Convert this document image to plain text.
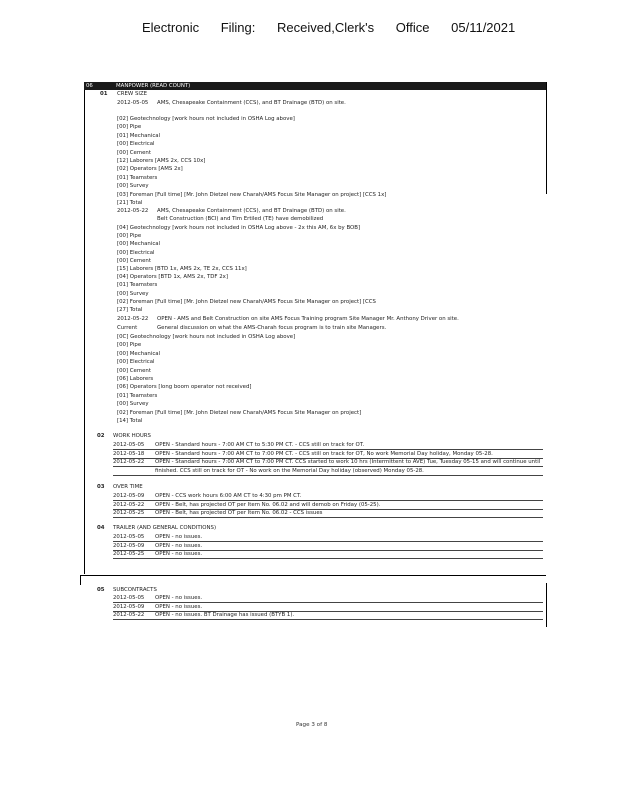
Electronic Filing: Received,Clerk's Office 05/11/2021
06	MANPOWER (READ COUNT)
01 CREW SIZE
2012-05-05 AMS, Chesapeake Containment (CCS), and BT Drainage (BTD) on site.
[02] Geotechnology [work hours not included in OSHA Log above]
[00] Pipe
[01] Mechanical
[00] Electrical
[00] Cement
[12] Laborers [AMS 2x, CCS 10x]
[02] Operators [AMS 2x]
[01] Teamsters
[00] Survey
[03] Foreman [Full time] [Mr. John Dietzel new Charah/AMS Focus Site Manager on project] [CCS 1x]
[21] Total
2012-05-22 AMS, Chesapeake Containment (CCS), and BT Drainage (BTD) on site.
Belt Construction (BCI) and Tim Ertiled (TE) have demobilized
[04] Geotechnology [work hours not included in OSHA Log above - 2x this AM, 6x by BOB]
[00] Pipe
[00] Mechanical
[00] Electrical
[00] Cement
[15] Laborers [BTD 1x, AMS 2x, TE 2x, CCS 11x]
[04] Operators [BTD 1x, AMS 2x, TDF 2x]
[01] Teamsters
[00] Survey
[02] Foreman [Full time] [Mr. John Dietzel new Charah/AMS Focus Site Manager on project] [CCS
[27] Total
2012-05-22 OPEN - AMS and Belt Construction on site AMS Focus Training program Site Manager Mr. Anthony Driver on site.
Current	General discussion on what the AMS-Charah focus program is to train site Managers.
[0C] Geotechnology [work hours not included in OSHA Log above]
[00] Pipe
[00] Mechanical
[00] Electrical
[00] Cement
[06] Laborers
[06] Operators [long boom operator not received]
[01] Teamsters
[00] Survey
[02] Foreman [Full time] [Mr. John Dietzel new Charah/AMS Focus Site Manager on project]
[14] Total
02 WORK HOURS
2012-05-05 OPEN - Standard hours - 7:00 AM CT to 5:30 PM CT. - CCS still on track for OT.
2012-05-18 OPEN - Standard hours - 7:00 AM CT to 7:00 PM CT. - CCS still on track for OT, No work Memorial Day holiday, Monday 05-28.
2012-05-22 OPEN - Standard hours - 7:00 AM CT to 7:00 PM CT. CCS started to work 10 hrs (Intermittent to AVE) Tue, Tuesday 05-15 and will continue until
finished. CCS still on track for OT - No work on the Memorial Day holiday (observed) Monday 05-28.
03 OVER TIME
2012-05-09 OPEN - CCS work hours 6:00 AM CT to 4:30 pm PM CT.
2012-05-22 OPEN - Belt, has projected OT per Item No. 06.02 and will demob on Friday (05-25).
2012-05-25 OPEN - Belt, has projected OT per Item No. 06.02 - CCS issues
04 TRAILER (AND GENERAL CONDITIONS)
2012-05-05 OPEN - no issues.
2012-05-09 OPEN - no issues.
2012-05-25 OPEN - no issues.
05 SUBCONTRACTS
2012-05-05 OPEN - no issues.
2012-05-09 OPEN - no issues.
2012-05-22 OPEN - no issues. BT Drainage has issued (BTYB 1).
Page 3 of 8
